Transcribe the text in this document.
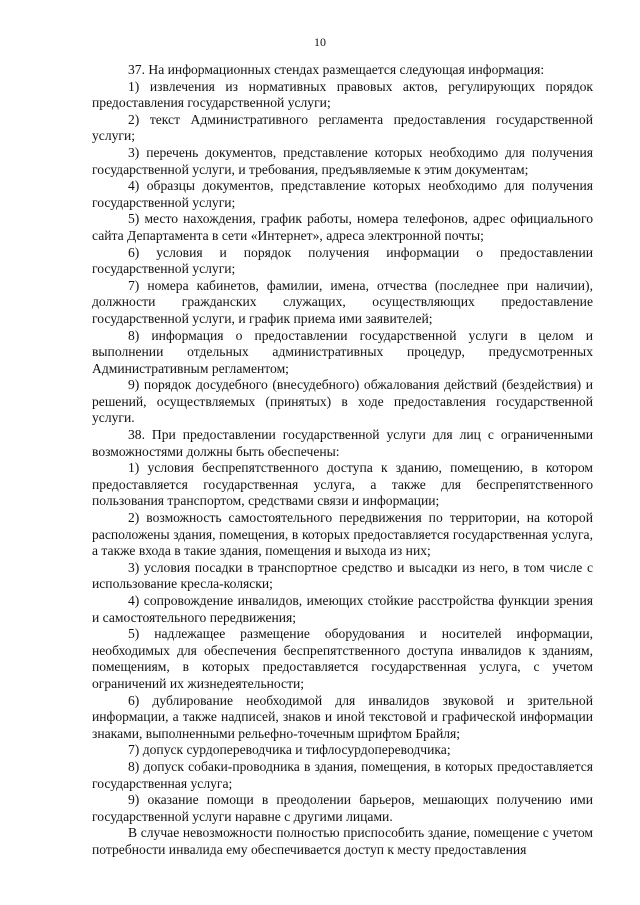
10

37. На информационных стендах размещается следующая информация:

1) извлечения из нормативных правовых актов, регулирующих порядок предоставления государственной услуги;

2) текст Административного регламента предоставления государственной услуги;

3) перечень документов, представление которых необходимо для получения государственной услуги, и требования, предъявляемые к этим документам;

4) образцы документов, представление которых необходимо для получения государственной услуги;

5) место нахождения, график работы, номера телефонов, адрес официального сайта Департамента в сети «Интернет», адреса электронной почты;

6) условия и порядок получения информации о предоставлении государственной услуги;

7) номера кабинетов, фамилии, имена, отчества (последнее при наличии), должности гражданских служащих, осуществляющих предоставление государственной услуги, и график приема ими заявителей;

8) информация о предоставлении государственной услуги в целом и выполнении отдельных административных процедур, предусмотренных Административным регламентом;

9) порядок досудебного (внесудебного) обжалования действий (бездействия) и решений, осуществляемых (принятых) в ходе предоставления государственной услуги.

38. При предоставлении государственной услуги для лиц с ограниченными возможностями должны быть обеспечены:

1) условия беспрепятственного доступа к зданию, помещению, в котором предоставляется государственная услуга, а также для беспрепятственного пользования транспортом, средствами связи и информации;

2) возможность самостоятельного передвижения по территории, на которой расположены здания, помещения, в которых предоставляется государственная услуга, а также входа в такие здания, помещения и выхода из них;

3) условия посадки в транспортное средство и высадки из него, в том числе с использование кресла-коляски;

4) сопровождение инвалидов, имеющих стойкие расстройства функции зрения и самостоятельного передвижения;

5) надлежащее размещение оборудования и носителей информации, необходимых для обеспечения беспрепятственного доступа инвалидов к зданиям, помещениям, в которых предоставляется государственная услуга, с учетом ограничений их жизнедеятельности;

6) дублирование необходимой для инвалидов звуковой и зрительной информации, а также надписей, знаков и иной текстовой и графической информации знаками, выполненными рельефно-точечным шрифтом Брайля;

7) допуск сурдопереводчика и тифлосурдопереводчика;

8) допуск собаки-проводника в здания, помещения, в которых предоставляется государственная услуга;

9) оказание помощи в преодолении барьеров, мешающих получению ими государственной услуги наравне с другими лицами.

В случае невозможности полностью приспособить здание, помещение с учетом потребности инвалида ему обеспечивается доступ к месту предоставления
